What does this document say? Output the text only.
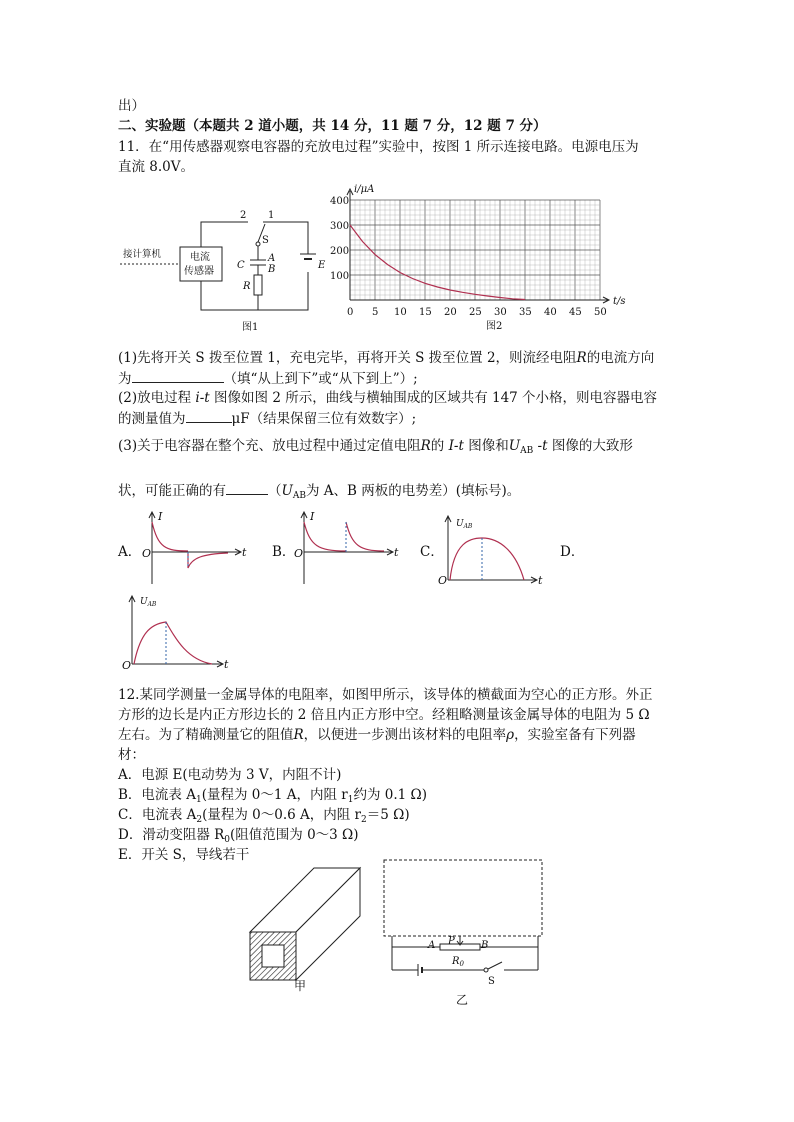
出）
二、实验题（本题共 2 道小题，共 14 分，11 题 7 分，12 题 7 分）
11．在“用传感器观察电容器的充放电过程”实验中，按图 1 所示连接电路。电源电压为
直流 8.0V。
接计算机	电流
传感器
2 1
S
C
A
B
R
E
图1
i/μA
t/s
0
400
300
200
100
5 10 15 20 25 30 35 40 45 50
图2
(1)先将开关 S 拨至位置 1，充电完毕，再将开关 S 拨至位置 2，则流经电阻R的电流方向
为	（填“从上到下”或“从下到上”）;
(2)放电过程 i-t 图像如图 2 所示，曲线与横轴围成的区域共有 147 个小格，则电容器电容
的测量值为	μF（结果保留三位有效数字）;
(3)关于电容器在整个充、放电过程中通过定值电阻R的 I-t 图像和$U_{AB}$ -t 图像的大致形
状，可能正确的有	（$U_{AB}$为 A、B 两板的电势差）(填标号)。
A．
I
O	t B．
I
O	t C．
$U_{AB}$
O	t
D．
$U_{AB}$
O	t
12.某同学测量一金属导体的电阻率，如图甲所示，该导体的横截面为空心的正方形。外正
方形的边长是内正方形边长的 2 倍且内正方形中空。经粗略测量该金属导体的电阻为 5 Ω
左右。为了精确测量它的阻值R，以便进一步测出该材料的电阻率ρ，实验室备有下列器
材：
A．电源 E(电动势为 3 V，内阻不计)
B．电流表 $A_1$(量程为 0～1 A，内阻 $r_1$约为 0.1 Ω)
C．电流表 $A_2$(量程为 0～0.6 A，内阻 $r_2=5$ Ω)
D．滑动变阻器 $R_0$(阻值范围为 0～3 Ω)
E．开关 S，导线若干
甲
A P	B
$R_0$
S
乙
